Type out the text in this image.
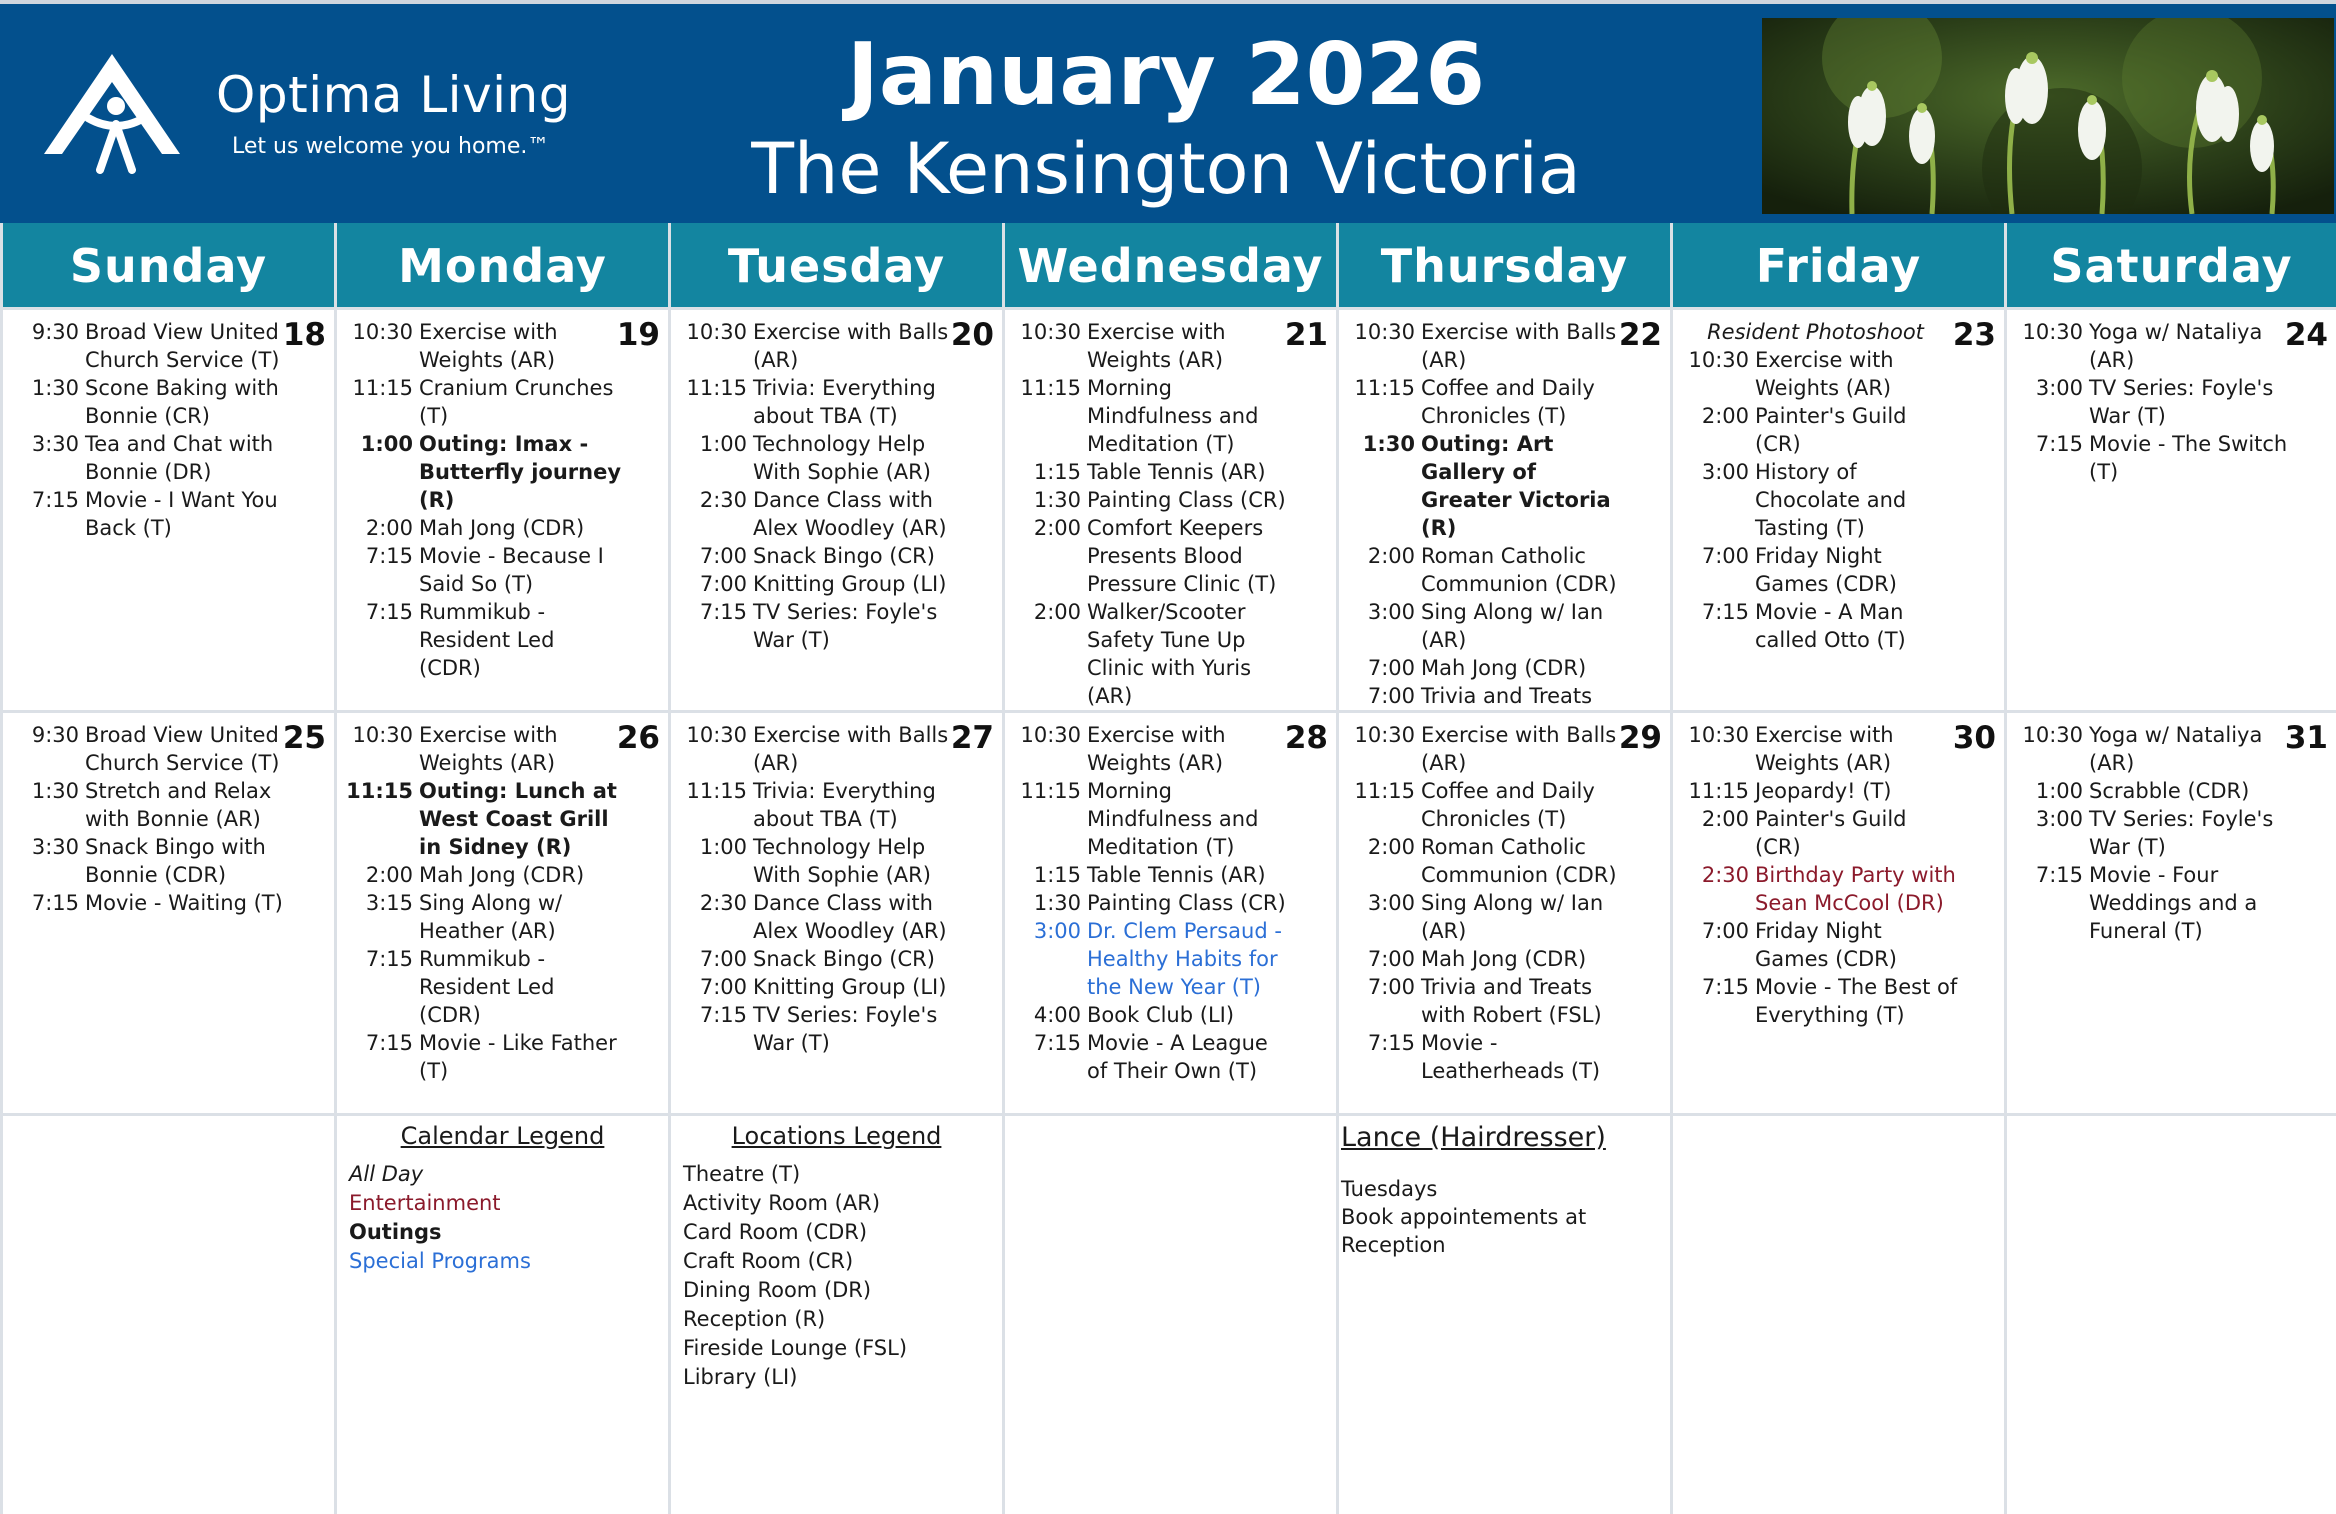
Optima Living
Let us welcome you home.™
January 2026
The Kensington Victoria
Sunday	Monday	Tuesday	Wednesday	Thursday	Friday	Saturday
18
9:30 Broad View United Church Service (T)
1:30 Scone Baking with Bonnie (CR)
3:30 Tea and Chat with Bonnie (DR)
7:15 Movie - I Want You Back (T)
19
10:30 Exercise with Weights (AR)
11:15 Cranium Crunches (T)
1:00 Outing: Imax - Butterfly journey (R)
2:00 Mah Jong (CDR)
7:15 Movie - Because I Said So (T)
7:15 Rummikub - Resident Led (CDR)
20
10:30 Exercise with Balls (AR)
11:15 Trivia: Everything about TBA (T)
1:00 Technology Help With Sophie (AR)
2:30 Dance Class with Alex Woodley (AR)
7:00 Snack Bingo (CR)
7:00 Knitting Group (LI)
7:15 TV Series: Foyle's War (T)
21
10:30 Exercise with Weights (AR)
11:15 Morning Mindfulness and Meditation (T)
1:15 Table Tennis (AR)
1:30 Painting Class (CR)
2:00 Comfort Keepers Presents Blood Pressure Clinic (T)
2:00 Walker/Scooter Safety Tune Up Clinic with Yuris (AR)
22
10:30 Exercise with Balls (AR)
11:15 Coffee and Daily Chronicles (T)
1:30 Outing: Art Gallery of Greater Victoria (R)
2:00 Roman Catholic Communion (CDR)
3:00 Sing Along w/ Ian (AR)
7:00 Mah Jong (CDR)
7:00 Trivia and Treats
23
Resident Photoshoot
10:30 Exercise with Weights (AR)
2:00 Painter's Guild (CR)
3:00 History of Chocolate and Tasting (T)
7:00 Friday Night Games (CDR)
7:15 Movie - A Man called Otto (T)
24
10:30 Yoga w/ Nataliya (AR)
3:00 TV Series: Foyle's War (T)
7:15 Movie - The Switch (T)
25
9:30 Broad View United Church Service (T)
1:30 Stretch and Relax with Bonnie (AR)
3:30 Snack Bingo with Bonnie (CDR)
7:15 Movie - Waiting (T)
26
10:30 Exercise with Weights (AR)
11:15 Outing: Lunch at West Coast Grill in Sidney (R)
2:00 Mah Jong (CDR)
3:15 Sing Along w/ Heather (AR)
7:15 Rummikub - Resident Led (CDR)
7:15 Movie - Like Father (T)
27
10:30 Exercise with Balls (AR)
11:15 Trivia: Everything about TBA (T)
1:00 Technology Help With Sophie (AR)
2:30 Dance Class with Alex Woodley (AR)
7:00 Snack Bingo (CR)
7:00 Knitting Group (LI)
7:15 TV Series: Foyle's War (T)
28
10:30 Exercise with Weights (AR)
11:15 Morning Mindfulness and Meditation (T)
1:15 Table Tennis (AR)
1:30 Painting Class (CR)
3:00 Dr. Clem Persaud - Healthy Habits for the New Year (T)
4:00 Book Club (LI)
7:15 Movie - A League of Their Own (T)
29
10:30 Exercise with Balls (AR)
11:15 Coffee and Daily Chronicles (T)
2:00 Roman Catholic Communion (CDR)
3:00 Sing Along w/ Ian (AR)
7:00 Mah Jong (CDR)
7:00 Trivia and Treats with Robert (FSL)
7:15 Movie - Leatherheads (T)
30
10:30 Exercise with Weights (AR)
11:15 Jeopardy! (T)
2:00 Painter's Guild (CR)
2:30 Birthday Party with Sean McCool (DR)
7:00 Friday Night Games (CDR)
7:15 Movie - The Best of Everything (T)
31
10:30 Yoga w/ Nataliya (AR)
1:00 Scrabble (CDR)
3:00 TV Series: Foyle's War (T)
7:15 Movie - Four Weddings and a Funeral (T)
Calendar Legend
All Day
Entertainment
Outings
Special Programs
Locations Legend
Theatre (T)
Activity Room (AR)
Card Room (CDR)
Craft Room (CR)
Dining Room (DR)
Reception (R)
Fireside Lounge (FSL)
Library (LI)
Lance (Hairdresser)
Tuesdays
Book appointements at Reception
